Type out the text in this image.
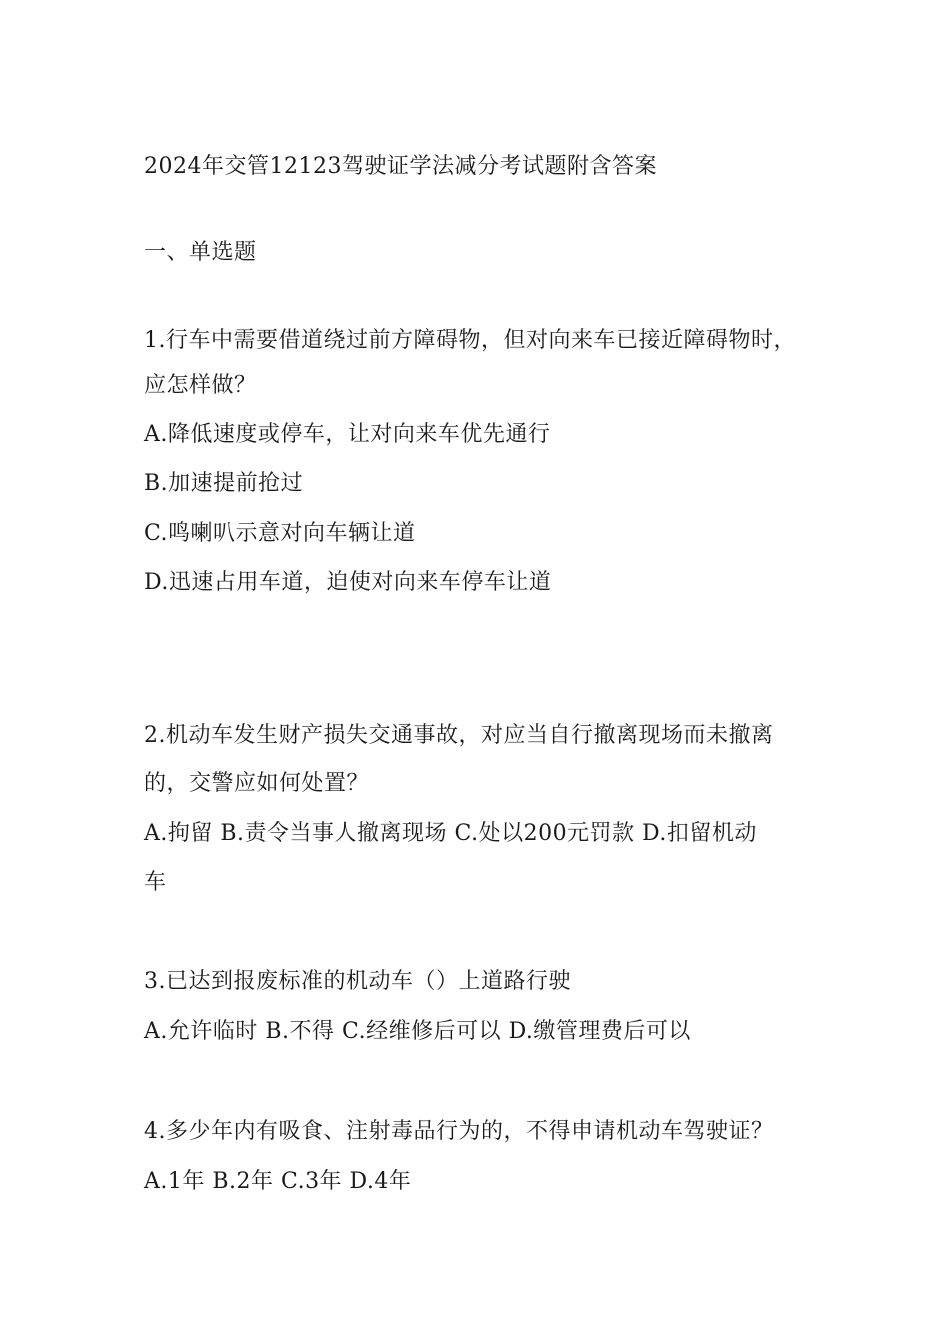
2024年交管12123驾驶证学法减分考试题附含答案
一、单选题
1.行车中需要借道绕过前方障碍物，但对向来车已接近障碍物时，
应怎样做？
A.降低速度或停车，让对向来车优先通行
B.加速提前抢过
C.鸣喇叭示意对向车辆让道
D.迅速占用车道，迫使对向来车停车让道
2.机动车发生财产损失交通事故，对应当自行撤离现场而未撤离
的，交警应如何处置？
A.拘留 B.责令当事人撤离现场 C.处以200元罚款 D.扣留机动
车
3.已达到报废标准的机动车（）上道路行驶
A.允许临时 B.不得 C.经维修后可以 D.缴管理费后可以
4.多少年内有吸食、注射毒品行为的，不得申请机动车驾驶证？
A.1年 B.2年 C.3年 D.4年
